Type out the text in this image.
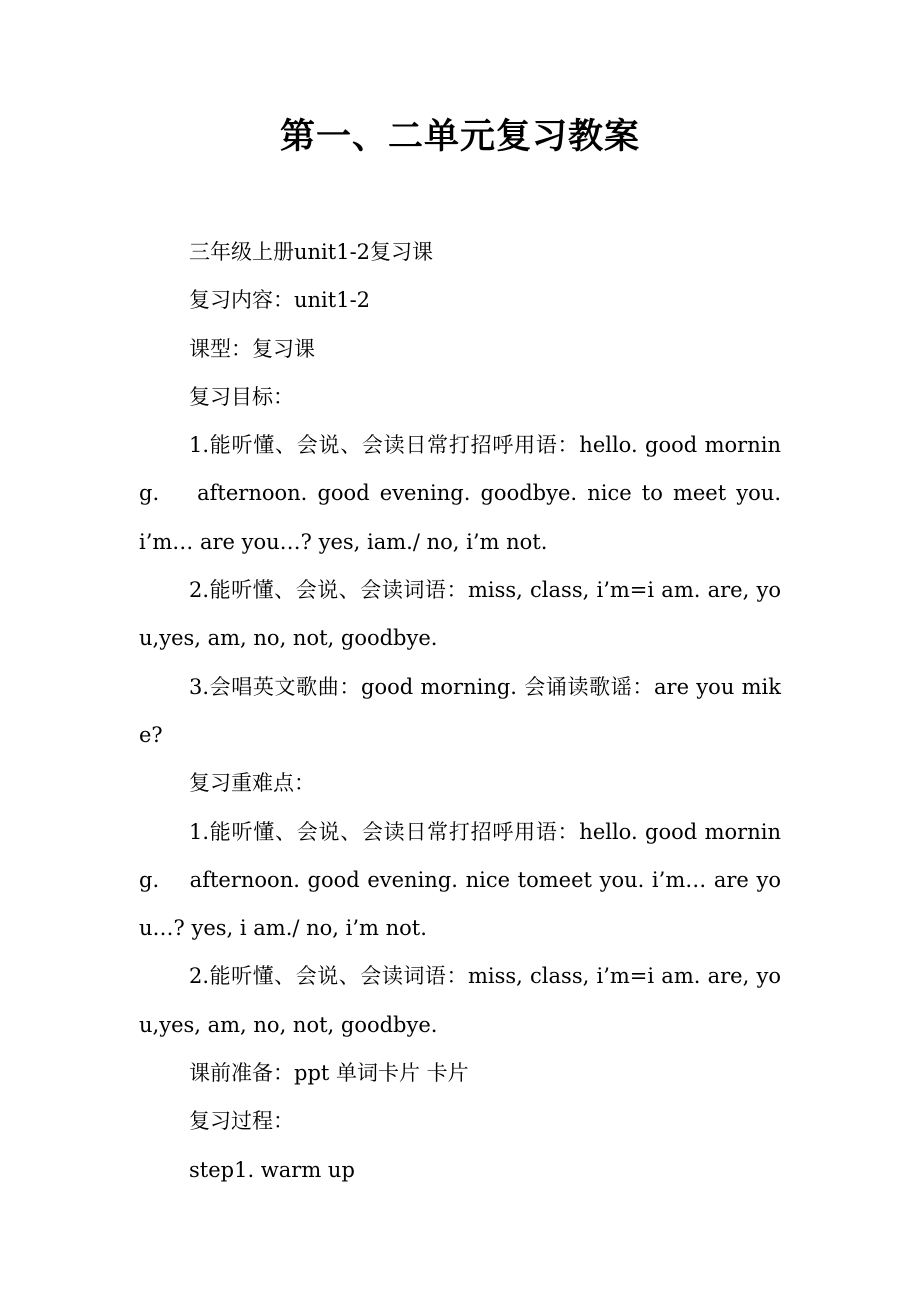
第一、二单元复习教案

三年级上册unit1-2复习课

复习内容：unit1-2

课型：复习课

复习目标：

1.能听懂、会说、会读日常打招呼用语：hello. good morning.　 afternoon. good evening. goodbye. nice to meet you. i’m… are you…? yes, iam./ no, i’m not.

2.能听懂、会说、会读词语：miss, class, i’m=i am. are, you,yes, am, no, not, goodbye.

3.会唱英文歌曲：good morning. 会诵读歌谣：are you mike?

复习重难点：

1.能听懂、会说、会读日常打招呼用语：hello. good morning.　 afternoon. good evening. nice tomeet you. i’m… are you…? yes, i am./ no, i’m not.

2.能听懂、会说、会读词语：miss, class, i’m=i am. are, you,yes, am, no, not, goodbye.

课前准备：ppt 单词卡片 卡片

复习过程：

step1. warm up
